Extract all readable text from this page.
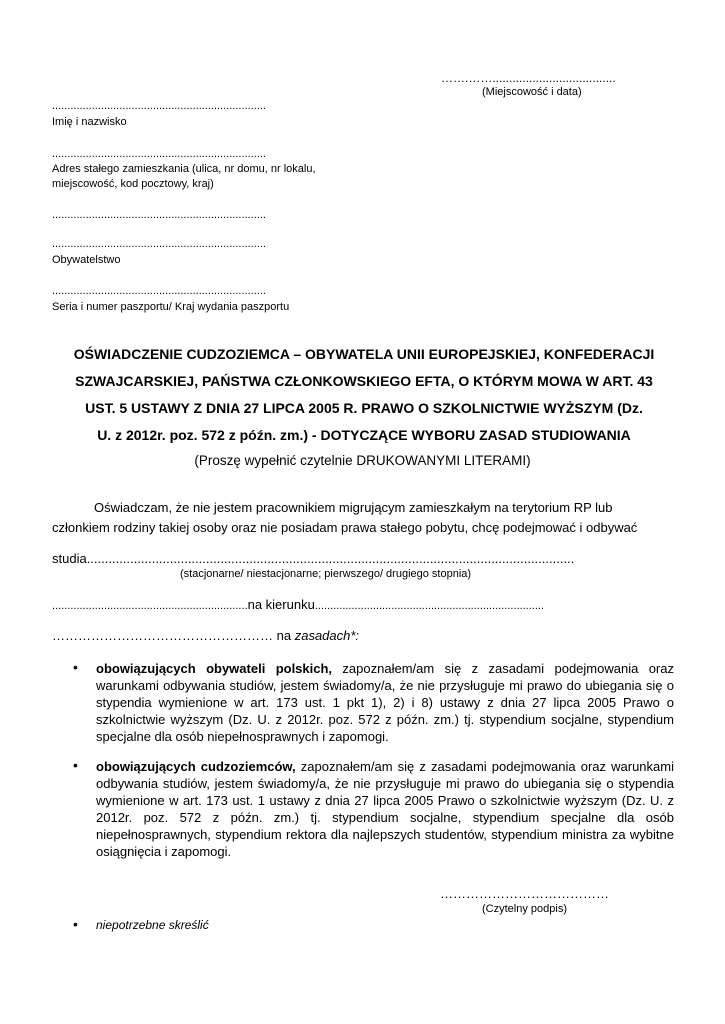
…….…….....................................
(Miejscowość i data)
......................................................................
Imię i nazwisko
......................................................................
Adres stałego zamieszkania (ulica, nr domu, nr lokalu,
miejscowość, kod pocztowy, kraj)
......................................................................
......................................................................
Obywatelstwo
......................................................................
Seria i numer paszportu/ Kraj wydania paszportu
OŚWIADCZENIE CUDZOZIEMCA – OBYWATELA UNII EUROPEJSKIEJ, KONFEDERACJI
SZWAJCARSKIEJ, PAŃSTWA CZŁONKOWSKIEGO EFTA, O KTÓRYM MOWA W ART. 43
UST. 5 USTAWY Z DNIA 27 LIPCA 2005 R. PRAWO O SZKOLNICTWIE WYŻSZYM (Dz.
U. z 2012r. poz. 572 z późn. zm.) - DOTYCZĄCE WYBORU ZASAD STUDIOWANIA
(Proszę wypełnić czytelnie DRUKOWANYMI LITERAMI)
Oświadczam, że nie jestem pracownikiem migrującym zamieszkałym na terytorium RP lub
członkiem rodziny takiej osoby oraz nie posiadam prawa stałego pobytu, chcę podejmować i odbywać
studia.......................................................................................................................................
(stacjonarne/ niestacjonarne; pierwszego/ drugiego stopnia)
................................................................na kierunku...........................................................................
…………………………………………… na zasadach*:
• obowiązujących obywateli polskich, zapoznałem/am się z zasadami podejmowania oraz warunkami odbywania studiów, jestem świadomy/a, że nie przysługuje mi prawo do ubiegania się o stypendia wymienione w art. 173 ust. 1 pkt 1), 2) i 8) ustawy z dnia 27 lipca 2005 Prawo o szkolnictwie wyższym (Dz. U. z 2012r. poz. 572 z późn. zm.) tj. stypendium socjalne, stypendium specjalne dla osób niepełnosprawnych i zapomogi.
• obowiązujących cudzoziemców, zapoznałem/am się z zasadami podejmowania oraz warunkami odbywania studiów, jestem świadomy/a, że nie przysługuje mi prawo do ubiegania się o stypendia wymienione w art. 173 ust. 1 ustawy z dnia 27 lipca 2005 Prawo o szkolnictwie wyższym (Dz. U. z 2012r. poz. 572 z późn. zm.) tj. stypendium socjalne, stypendium specjalne dla osób niepełnosprawnych, stypendium rektora dla najlepszych studentów, stypendium ministra za wybitne osiągnięcia i zapomogi.
…………………………………
(Czytelny podpis)
• niepotrzebne skreślić
